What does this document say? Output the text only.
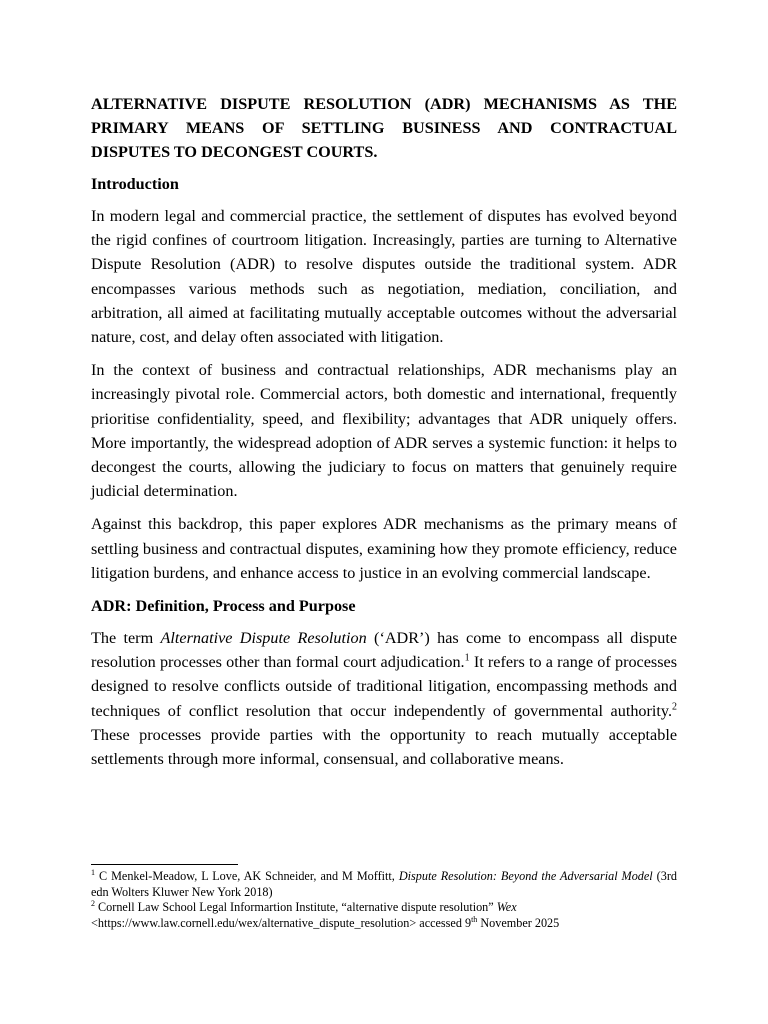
ALTERNATIVE DISPUTE RESOLUTION (ADR) MECHANISMS AS THE PRIMARY MEANS OF SETTLING BUSINESS AND CONTRACTUAL DISPUTES TO DECONGEST COURTS.
Introduction

In modern legal and commercial practice, the settlement of disputes has evolved beyond the rigid confines of courtroom litigation. Increasingly, parties are turning to Alternative Dispute Resolution (ADR) to resolve disputes outside the traditional system. ADR encompasses various methods such as negotiation, mediation, conciliation, and arbitration, all aimed at facilitating mutually acceptable outcomes without the adversarial nature, cost, and delay often associated with litigation.

In the context of business and contractual relationships, ADR mechanisms play an increasingly pivotal role. Commercial actors, both domestic and international, frequently prioritise confidentiality, speed, and flexibility; advantages that ADR uniquely offers. More importantly, the widespread adoption of ADR serves a systemic function: it helps to decongest the courts, allowing the judiciary to focus on matters that genuinely require judicial determination.

Against this backdrop, this paper explores ADR mechanisms as the primary means of settling business and contractual disputes, examining how they promote efficiency, reduce litigation burdens, and enhance access to justice in an evolving commercial landscape.

ADR: Definition, Process and Purpose

The term Alternative Dispute Resolution (‘ADR’) has come to encompass all dispute resolution processes other than formal court adjudication.$^1$ It refers to a range of processes designed to resolve conflicts outside of traditional litigation, encompassing methods and techniques of conflict resolution that occur independently of governmental authority.$^2$ These processes provide parties with the opportunity to reach mutually acceptable settlements through more informal, consensual, and collaborative means.

$^1$ C Menkel-Meadow, L Love, AK Schneider, and M Moffitt, Dispute Resolution: Beyond the Adversarial Model (3rd edn Wolters Kluwer New York 2018)

$^2$ Cornell Law School Legal Informartion Institute, “alternative dispute resolution” Wex
<https://www.law.cornell.edu/wex/alternative_dispute_resolution> accessed 9th November 2025
